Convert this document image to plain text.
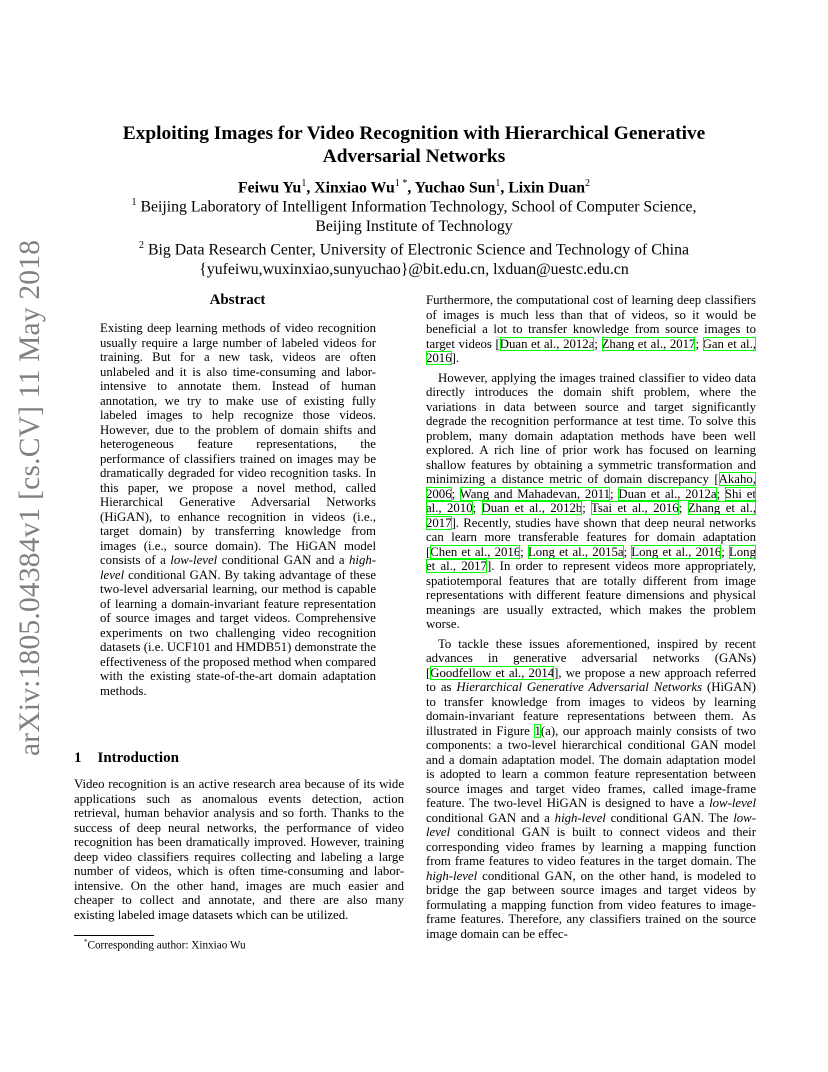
arXiv:1805.04384v1 [cs.CV] 11 May 2018
Exploiting Images for Video Recognition with Hierarchical Generative
Adversarial Networks
Feiwu Yu$^1$, Xinxiao $Wu^{1 *}$, Yuchao Sun$^1$, Lixin Duan$^2$
$^1$ Beijing Laboratory of Intelligent Information Technology, School of Computer Science,
Beijing Institute of Technology
$^2$ Big Data Research Center, University of Electronic Science and Technology of China
{yufeiwu,wuxinxiao,sunyuchao}@bit.edu.cn, lxduan@uestc.edu.cn
Abstract
Existing deep learning methods of video recognition usually require a large number of labeled videos for training. But for a new task, videos are often unlabeled and it is also time-consuming and labor-intensive to annotate them. Instead of human annotation, we try to make use of existing fully labeled images to help recognize those videos. However, due to the problem of domain shifts and heterogeneous feature representations, the performance of classifiers trained on images may be dramatically degraded for video recognition tasks. In this paper, we propose a novel method, called Hierarchical Generative Adversarial Networks (HiGAN), to enhance recognition in videos (i.e., target domain) by transferring knowledge from images (i.e., source domain). The HiGAN model consists of a low-level conditional GAN and a high-level conditional GAN. By taking advantage of these two-level adversarial learning, our method is capable of learning a domain-invariant feature representation of source images and target videos. Comprehensive experiments on two challenging video recognition datasets (i.e. UCF101 and HMDB51) demonstrate the effectiveness of the proposed method when compared with the existing state-of-the-art domain adaptation methods.
1 Introduction

Video recognition is an active research area because of its wide applications such as anomalous events detection, action retrieval, human behavior analysis and so forth. Thanks to the success of deep neural networks, the performance of video recognition has been dramatically improved. However, training deep video classifiers requires collecting and labeling a large number of videos, which is often time-consuming and labor-intensive. On the other hand, images are much easier and cheaper to collect and annotate, and there are also many existing labeled image datasets which can be utilized.

Furthermore, the computational cost of learning deep classifiers of images is much less than that of videos, so it would be beneficial a lot to transfer knowledge from source images to target videos [Duan et al., 2012a; Zhang et al., 2017; Gan et al., 2016].

However, applying the images trained classifier to video data directly introduces the domain shift problem, where the variations in data between source and target significantly degrade the recognition performance at test time. To solve this problem, many domain adaptation methods have been well explored. A rich line of prior work has focused on learning shallow features by obtaining a symmetric transformation and minimizing a distance metric of domain discrepancy [Akaho, 2006; Wang and Mahadevan, 2011; Duan et al., 2012a; Shi et al., 2010; Duan et al., 2012b; Tsai et al., 2016; Zhang et al., 2017]. Recently, studies have shown that deep neural networks can learn more transferable features for domain adaptation [Chen et al., 2016; Long et al., 2015a; Long et al., 2016; Long et al., 2017]. In order to represent videos more appropriately, spatiotemporal features that are totally different from image representations with different feature dimensions and physical meanings are usually extracted, which makes the problem worse.

To tackle these issues aforementioned, inspired by recent advances in generative adversarial networks (GANs) [Goodfellow et al., 2014], we propose a new approach referred to as Hierarchical Generative Adversarial Networks (HiGAN) to transfer knowledge from images to videos by learning domain-invariant feature representations between them. As illustrated in Figure 1(a), our approach mainly consists of two components: a two-level hierarchical conditional GAN model and a domain adaptation model. The domain adaptation model is adopted to learn a common feature representation between source images and target video frames, called image-frame feature. The two-level HiGAN is designed to have a low-level conditional GAN and a high-level conditional GAN. The low-level conditional GAN is built to connect videos and their corresponding video frames by learning a mapping function from frame features to video features in the target domain. The high-level conditional GAN, on the other hand, is modeled to bridge the gap between source images and target videos by formulating a mapping function from video features to image-frame features. Therefore, any classifiers trained on the source image domain can be effec-

*Corresponding author: Xinxiao Wu
